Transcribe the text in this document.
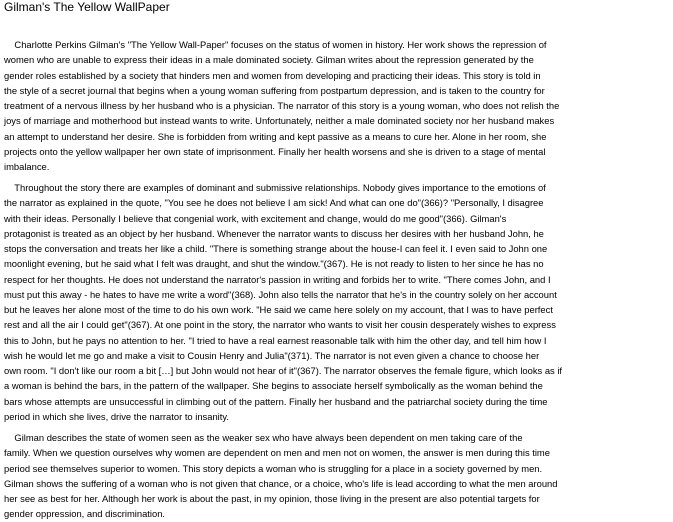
Gilman's The Yellow WallPaper
Charlotte Perkins Gilman's "The Yellow Wall-Paper" focuses on the status of women in history. Her work shows the repression of
women who are unable to express their ideas in a male dominated society. Gilman writes about the repression generated by the
gender roles established by a society that hinders men and women from developing and practicing their ideas. This story is told in
the style of a secret journal that begins when a young woman suffering from postpartum depression, and is taken to the country for
treatment of a nervous illness by her husband who is a physician. The narrator of this story is a young woman, who does not relish the
joys of marriage and motherhood but instead wants to write. Unfortunately, neither a male dominated society nor her husband makes
an attempt to understand her desire. She is forbidden from writing and kept passive as a means to cure her. Alone in her room, she
projects onto the yellow wallpaper her own state of imprisonment. Finally her health worsens and she is driven to a stage of mental
imbalance.
Throughout the story there are examples of dominant and submissive relationships. Nobody gives importance to the emotions of
the narrator as explained in the quote, "You see he does not believe I am sick! And what can one do"(366)? "Personally, I disagree
with their ideas. Personally I believe that congenial work, with excitement and change, would do me good"(366). Gilman's
protagonist is treated as an object by her husband. Whenever the narrator wants to discuss her desires with her husband John, he
stops the conversation and treats her like a child. "There is something strange about the house-I can feel it. I even said to John one
moonlight evening, but he said what I felt was draught, and shut the window."(367). He is not ready to listen to her since he has no
respect for her thoughts. He does not understand the narrator's passion in writing and forbids her to write. "There comes John, and I
must put this away - he hates to have me write a word"(368). John also tells the narrator that he's in the country solely on her account
but he leaves her alone most of the time to do his own work. "He said we came here solely on my account, that I was to have perfect
rest and all the air I could get"(367). At one point in the story, the narrator who wants to visit her cousin desperately wishes to express
this to John, but he pays no attention to her. "I tried to have a real earnest reasonable talk with him the other day, and tell him how I
wish he would let me go and make a visit to Cousin Henry and Julia"(371). The narrator is not even given a chance to choose her
own room. "I don't like our room a bit […] but John would not hear of it"(367). The narrator observes the female figure, which looks as if
a woman is behind the bars, in the pattern of the wallpaper. She begins to associate herself symbolically as the woman behind the
bars whose attempts are unsuccessful in climbing out of the pattern. Finally her husband and the patriarchal society during the time
period in which she lives, drive the narrator to insanity.
Gilman describes the state of women seen as the weaker sex who have always been dependent on men taking care of the
family. When we question ourselves why women are dependent on men and men not on women, the answer is men during this time
period see themselves superior to women. This story depicts a woman who is struggling for a place in a society governed by men.
Gilman shows the suffering of a woman who is not given that chance, or a choice, who's life is lead according to what the men around
her see as best for her. Although her work is about the past, in my opinion, those living in the present are also potential targets for
gender oppression, and discrimination.
